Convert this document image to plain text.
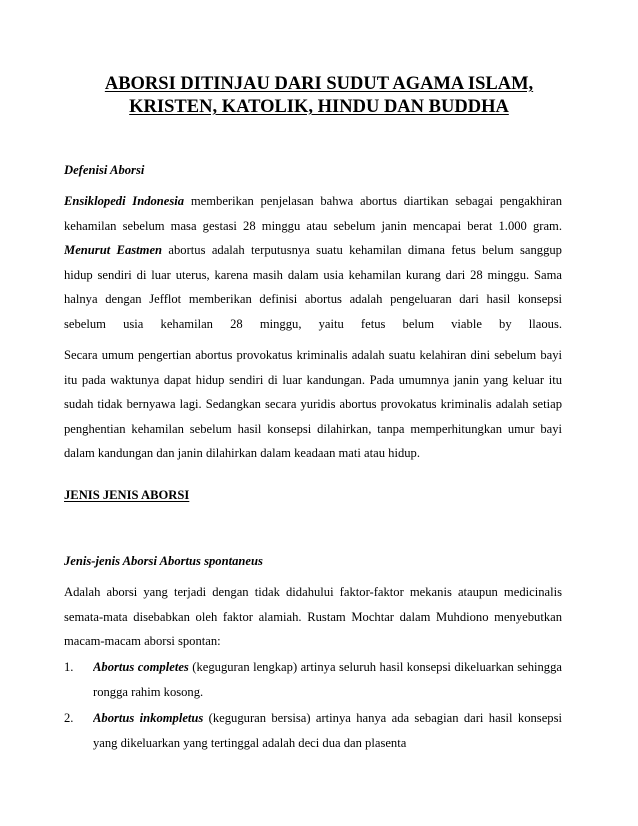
ABORSI DITINJAU DARI SUDUT AGAMA ISLAM,
KRISTEN, KATOLIK, HINDU DAN BUDDHA
Defenisi Aborsi
Ensiklopedi Indonesia memberikan penjelasan bahwa abortus diartikan sebagai pengakhiran
kehamilan sebelum masa gestasi 28 minggu atau sebelum janin mencapai berat 1.000 gram.
Menurut Eastmen abortus adalah terputusnya suatu kehamilan dimana fetus belum sanggup
hidup sendiri di luar uterus, karena masih dalam usia kehamilan kurang dari 28 minggu. Sama
halnya dengan Jefflot memberikan definisi abortus adalah pengeluaran dari hasil konsepsi
sebelum usia kehamilan 28 minggu, yaitu fetus belum viable by llaous.
Secara umum pengertian abortus provokatus kriminalis adalah suatu kelahiran dini sebelum bayi
itu pada waktunya dapat hidup sendiri di luar kandungan. Pada umumnya janin yang keluar itu
sudah tidak bernyawa lagi. Sedangkan secara yuridis abortus provokatus kriminalis adalah setiap
penghentian kehamilan sebelum hasil konsepsi dilahirkan, tanpa memperhitungkan umur bayi
dalam kandungan dan janin dilahirkan dalam keadaan mati atau hidup.
JENIS JENIS ABORSI
Jenis-jenis Aborsi Abortus spontaneus
Adalah aborsi yang terjadi dengan tidak didahului faktor-faktor mekanis ataupun medicinalis
semata-mata disebabkan oleh faktor alamiah. Rustam Mochtar dalam Muhdiono menyebutkan
macam-macam aborsi spontan:
1.	Abortus completes (keguguran lengkap) artinya seluruh hasil konsepsi dikeluarkan sehingga
rongga rahim kosong.
2.	Abortus inkompletus (keguguran bersisa) artinya hanya ada sebagian dari hasil konsepsi
yang dikeluarkan yang tertinggal adalah deci dua dan plasenta
